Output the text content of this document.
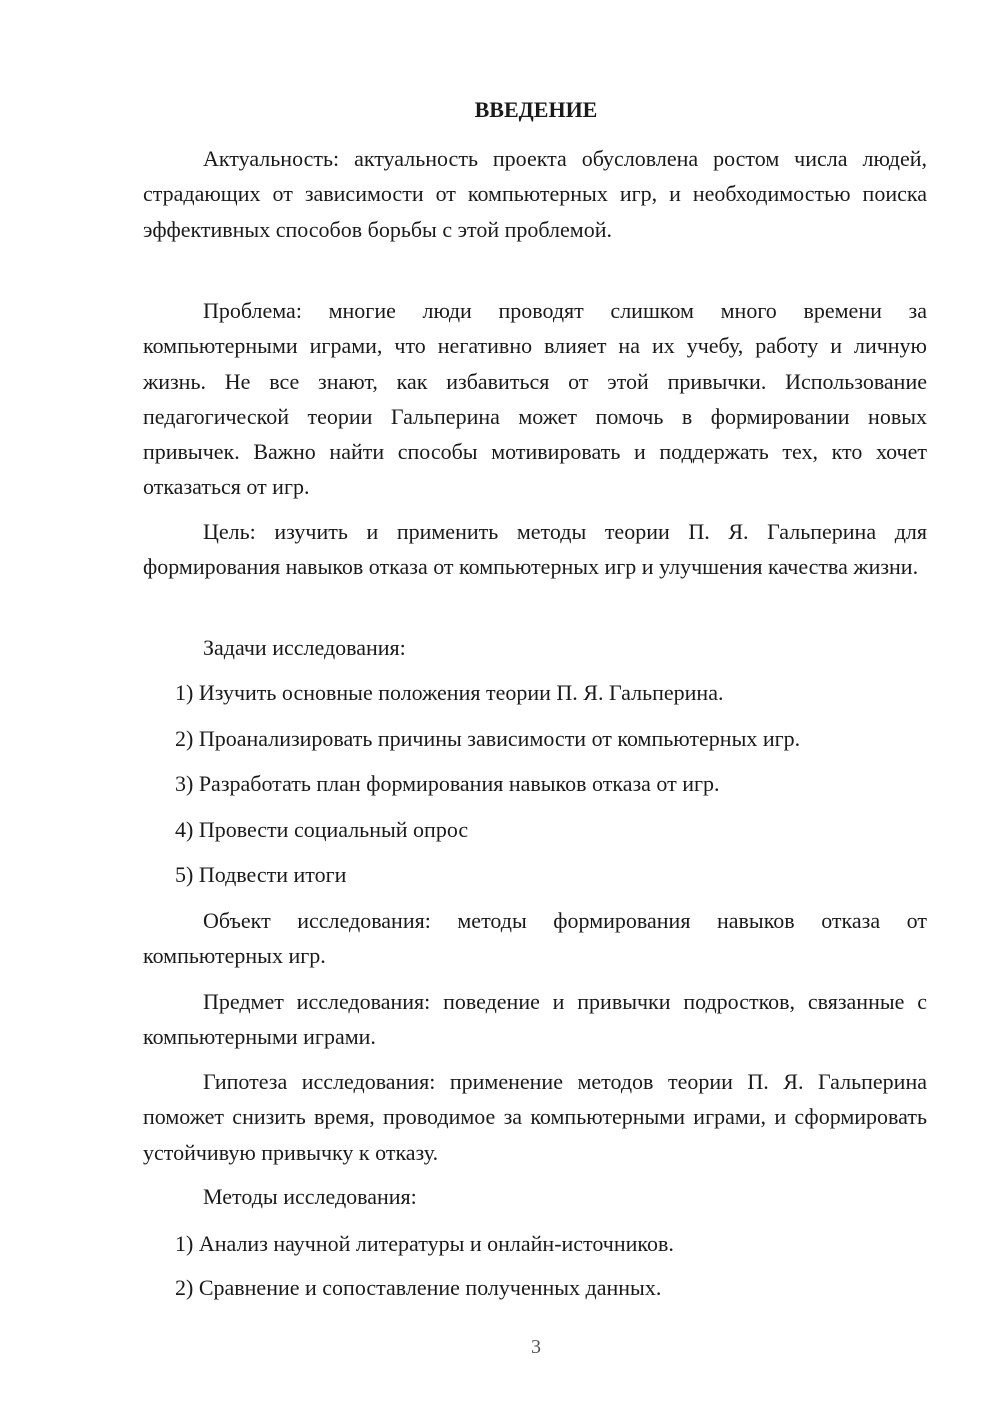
ВВЕДЕНИЕ

Актуальность: актуальность проекта обусловлена ростом числа людей, страдающих от зависимости от компьютерных игр, и необходимостью поиска эффективных способов борьбы с этой проблемой.

Проблема: многие люди проводят слишком много времени за компьютерными играми, что негативно влияет на их учебу, работу и личную жизнь. Не все знают, как избавиться от этой привычки. Использование педагогической теории Гальперина может помочь в формировании новых привычек. Важно найти способы мотивировать и поддержать тех, кто хочет отказаться от игр.

Цель: изучить и применить методы теории П. Я. Гальперина для формирования навыков отказа от компьютерных игр и улучшения качества жизни.

Задачи исследования:

1) Изучить основные положения теории П. Я. Гальперина.

2) Проанализировать причины зависимости от компьютерных игр.

3) Разработать план формирования навыков отказа от игр.

4) Провести социальный опрос

5) Подвести итоги

Объект исследования: методы формирования навыков отказа от компьютерных игр.

Предмет исследования: поведение и привычки подростков, связанные с компьютерными играми.

Гипотеза исследования: применение методов теории П. Я. Гальперина поможет снизить время, проводимое за компьютерными играми, и сформировать устойчивую привычку к отказу.

Методы исследования:

1) Анализ научной литературы и онлайн-источников.

2) Сравнение и сопоставление полученных данных.

3
